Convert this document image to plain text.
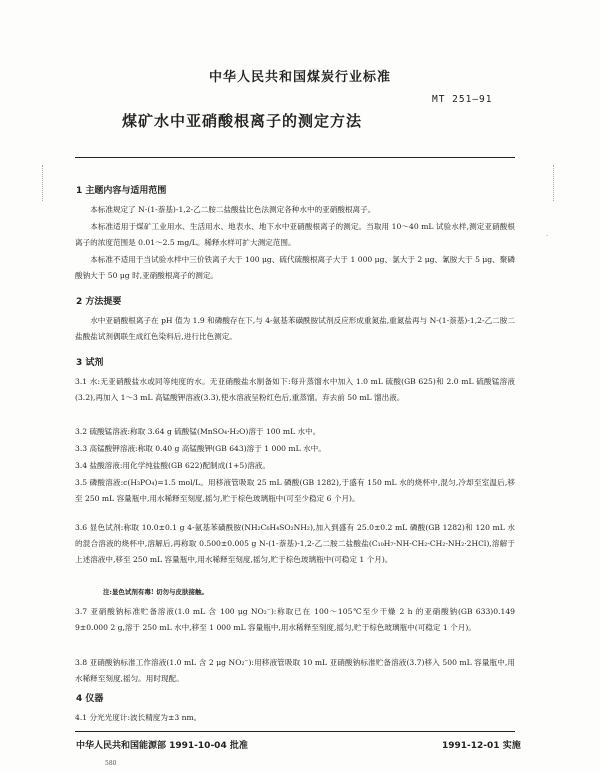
中华人民共和国煤炭行业标准
MT 251—91
煤矿水中亚硝酸根离子的测定方法
·
1 主题内容与适用范围
本标准规定了 N-(1-萘基)-1,2-乙二胺二盐酸盐比色法测定各种水中的亚硝酸根离子。
本标准适用于煤矿工业用水、生活用水、地表水、地下水中亚硝酸根离子的测定。当取用 10～40 mL 试验水样,测定亚硝酸根离子的浓度范围是 0.01～2.5 mg/L。稀释水样可扩大测定范围。
本标准不适用于当试验水样中三价铁离子大于 100 μg、硫代硫酸根离子大于 1 000 μg、氯大于 2 μg、氰胺大于 5 μg、聚磷酸钠大于 50 μg 时,亚硝酸根离子的测定。
2 方法提要
水中亚硝酸根离子在 pH 值为 1.9 和磷酸存在下,与 4-氨基苯磺酰胺试剂反应形成重氮盐,重氮盐再与 N-(1-萘基)-1,2-乙二胺二盐酸盐试剂偶联生成红色染料后,进行比色测定。
3 试剂
3.1 水:无亚硝酸盐水或同等纯度的水。无亚硝酸盐水制备如下:每升蒸馏水中加入 1.0 mL 硫酸(GB 625)和 2.0 mL 硫酸锰溶液(3.2),再加入 1～3 mL 高锰酸钾溶液(3.3),使水溶液呈粉红色后,重蒸馏。弃去前 50 mL 馏出液。
3.2 硫酸锰溶液:称取 3.64 g 硫酸锰(MnSO₄·H₂O)溶于 100 mL 水中。
3.3 高锰酸钾溶液:称取 0.40 g 高锰酸钾(GB 643)溶于 1 000 mL 水中。
3.4 盐酸溶液:用化学纯盐酸(GB 622)配制成(1+5)溶液。
3.5 磷酸溶液:c(H₃PO₄)=1.5 mol/L。用移液管吸取 25 mL 磷酸(GB 1282),于盛有 150 mL 水的烧杯中,混匀,冷却至室温后,移至 250 mL 容量瓶中,用水稀释至刻度,摇匀,贮于棕色玻璃瓶中(可至少稳定 6 个月)。
3.6 显色试剂:称取 10.0±0.1 g 4-氨基苯磺酰胺(NH₂C₆H₄SO₂NH₂),加入到盛有 25.0±0.2 mL 磷酸(GB 1282)和 120 mL 水的混合溶液的烧杯中,溶解后,再称取 0.500±0.005 g N-(1-萘基)-1,2-乙二胺二盐酸盐(C₁₀H₇-NH-CH₂-CH₂-NH₂·2HCl),溶解于上述溶液中,移至 250 mL 容量瓶中,用水稀释至刻度,摇匀,贮于棕色玻璃瓶中(可稳定 1 个月)。
注:显色试剂有毒! 切勿与皮肤接触。
3.7 亚硝酸钠标准贮备溶液(1.0 mL 含 100 μg NO₂⁻):称取已在 100～105℃至少干燥 2 h 的亚硝酸钠(GB 633)0.149 9±0.000 2 g,溶于 250 mL 水中,移至 1 000 mL 容量瓶中,用水稀释至刻度,摇匀,贮于棕色玻璃瓶中(可稳定 1 个月)。
3.8 亚硝酸钠标准工作溶液(1.0 mL 含 2 μg NO₂⁻):用移液管吸取 10 mL 亚硝酸钠标准贮备溶液(3.7)移入 500 mL 容量瓶中,用水稀释至刻度,摇匀。用时现配。
4 仪器
4.1 分光光度计:波长精度为±3 nm。
中华人民共和国能源部 1991-10-04 批准	1991-12-01 实施
580
